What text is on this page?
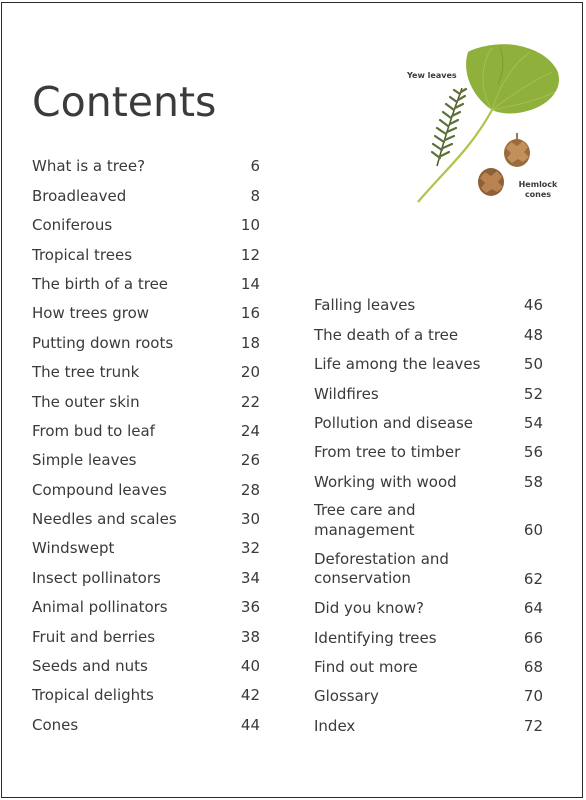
Contents
Yew leaves
Hemlock
cones
What is a tree?	6
Broadleaved	8
Coniferous	10
Tropical trees	12
The birth of a tree	14
How trees grow	16
Putting down roots	18
The tree trunk	20
The outer skin	22
From bud to leaf	24
Simple leaves	26
Compound leaves	28
Needles and scales	30
Windswept	32
Insect pollinators	34
Animal pollinators	36
Fruit and berries	38
Seeds and nuts	40
Tropical delights	42
Cones	44
Falling leaves	46
The death of a tree	48
Life among the leaves	50
Wildfires	52
Pollution and disease	54
From tree to timber	56
Working with wood	58
Tree care and
management	60
Deforestation and
conservation	62
Did you know?	64
Identifying trees	66
Find out more	68
Glossary	70
Index	72
